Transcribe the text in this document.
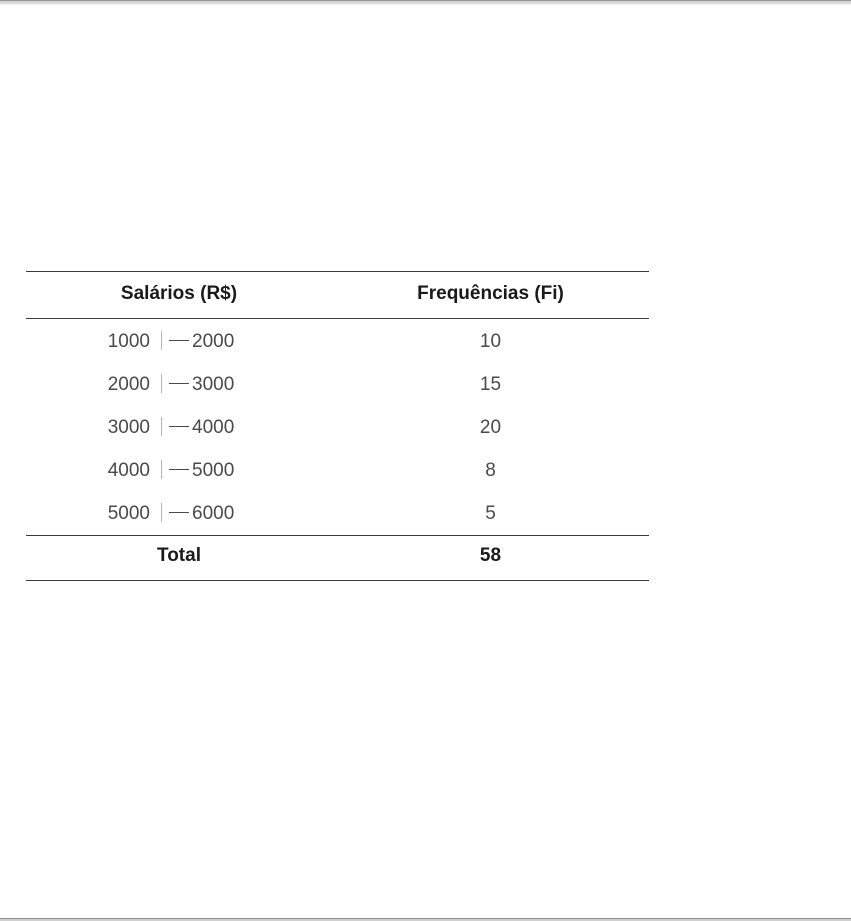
Salários (R$)	Frequências (Fi)
1000 2000	10
2000 3000	15
3000 4000	20
4000 5000	8
5000 6000	5
Total	58
